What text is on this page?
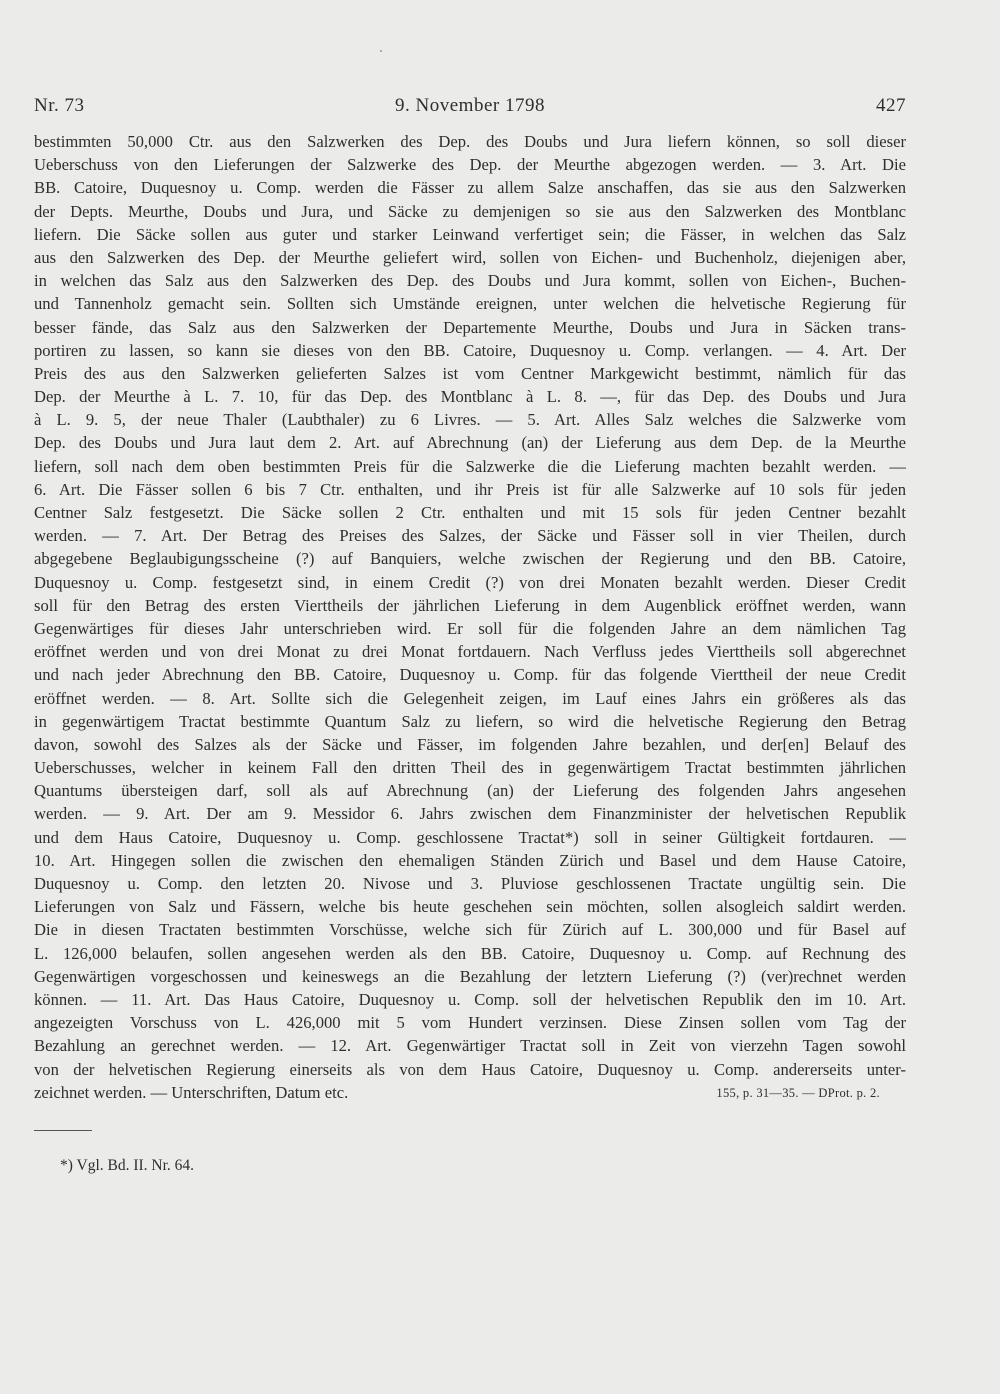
Nr. 73	9. November 1798	427
bestimmten 50,000 Ctr. aus den Salzwerken des Dep. des Doubs und Jura liefern können, so soll dieser
Ueberschuss von den Lieferungen der Salzwerke des Dep. der Meurthe abgezogen werden. — 3. Art. Die
BB. Catoire, Duquesnoy u. Comp. werden die Fässer zu allem Salze anschaffen, das sie aus den Salzwerken
der Depts. Meurthe, Doubs und Jura, und Säcke zu demjenigen so sie aus den Salzwerken des Montblanc
liefern. Die Säcke sollen aus guter und starker Leinwand verfertiget sein; die Fässer, in welchen das Salz
aus den Salzwerken des Dep. der Meurthe geliefert wird, sollen von Eichen- und Buchenholz, diejenigen aber,
in welchen das Salz aus den Salzwerken des Dep. des Doubs und Jura kommt, sollen von Eichen-, Buchen-
und Tannenholz gemacht sein. Sollten sich Umstände ereignen, unter welchen die helvetische Regierung für
besser fände, das Salz aus den Salzwerken der Departemente Meurthe, Doubs und Jura in Säcken trans-
portiren zu lassen, so kann sie dieses von den BB. Catoire, Duquesnoy u. Comp. verlangen. — 4. Art. Der
Preis des aus den Salzwerken gelieferten Salzes ist vom Centner Markgewicht bestimmt, nämlich für das
Dep. der Meurthe à L. 7. 10, für das Dep. des Montblanc à L. 8. —, für das Dep. des Doubs und Jura
à L. 9. 5, der neue Thaler (Laubthaler) zu 6 Livres. — 5. Art. Alles Salz welches die Salzwerke vom
Dep. des Doubs und Jura laut dem 2. Art. auf Abrechnung (an) der Lieferung aus dem Dep. de la Meurthe
liefern, soll nach dem oben bestimmten Preis für die Salzwerke die die Lieferung machten bezahlt werden. —
6. Art. Die Fässer sollen 6 bis 7 Ctr. enthalten, und ihr Preis ist für alle Salzwerke auf 10 sols für jeden
Centner Salz festgesetzt. Die Säcke sollen 2 Ctr. enthalten und mit 15 sols für jeden Centner bezahlt
werden. — 7. Art. Der Betrag des Preises des Salzes, der Säcke und Fässer soll in vier Theilen, durch
abgegebene Beglaubigungsscheine (?) auf Banquiers, welche zwischen der Regierung und den BB. Catoire,
Duquesnoy u. Comp. festgesetzt sind, in einem Credit (?) von drei Monaten bezahlt werden. Dieser Credit
soll für den Betrag des ersten Vierttheils der jährlichen Lieferung in dem Augenblick eröffnet werden, wann
Gegenwärtiges für dieses Jahr unterschrieben wird. Er soll für die folgenden Jahre an dem nämlichen Tag
eröffnet werden und von drei Monat zu drei Monat fortdauern. Nach Verfluss jedes Vierttheils soll abgerechnet
und nach jeder Abrechnung den BB. Catoire, Duquesnoy u. Comp. für das folgende Vierttheil der neue Credit
eröffnet werden. — 8. Art. Sollte sich die Gelegenheit zeigen, im Lauf eines Jahrs ein größeres als das
in gegenwärtigem Tractat bestimmte Quantum Salz zu liefern, so wird die helvetische Regierung den Betrag
davon, sowohl des Salzes als der Säcke und Fässer, im folgenden Jahre bezahlen, und der[en] Belauf des
Ueberschusses, welcher in keinem Fall den dritten Theil des in gegenwärtigem Tractat bestimmten jährlichen
Quantums übersteigen darf, soll als auf Abrechnung (an) der Lieferung des folgenden Jahrs angesehen
werden. — 9. Art. Der am 9. Messidor 6. Jahrs zwischen dem Finanzminister der helvetischen Republik
und dem Haus Catoire, Duquesnoy u. Comp. geschlossene Tractat*) soll in seiner Gültigkeit fortdauren. —
10. Art. Hingegen sollen die zwischen den ehemaligen Ständen Zürich und Basel und dem Hause Catoire,
Duquesnoy u. Comp. den letzten 20. Nivose und 3. Pluviose geschlossenen Tractate ungültig sein. Die
Lieferungen von Salz und Fässern, welche bis heute geschehen sein möchten, sollen alsogleich saldirt werden.
Die in diesen Tractaten bestimmten Vorschüsse, welche sich für Zürich auf L. 300,000 und für Basel auf
L. 126,000 belaufen, sollen angesehen werden als den BB. Catoire, Duquesnoy u. Comp. auf Rechnung des
Gegenwärtigen vorgeschossen und keineswegs an die Bezahlung der letztern Lieferung (?) (ver)rechnet werden
können. — 11. Art. Das Haus Catoire, Duquesnoy u. Comp. soll der helvetischen Republik den im 10. Art.
angezeigten Vorschuss von L. 426,000 mit 5 vom Hundert verzinsen. Diese Zinsen sollen vom Tag der
Bezahlung an gerechnet werden. — 12. Art. Gegenwärtiger Tractat soll in Zeit von vierzehn Tagen sowohl
von der helvetischen Regierung einerseits als von dem Haus Catoire, Duquesnoy u. Comp. andererseits unter-
zeichnet werden. — Unterschriften, Datum etc.	155, p. 31—35. — DProt. p. 2.
*) Vgl. Bd. II. Nr. 64.
